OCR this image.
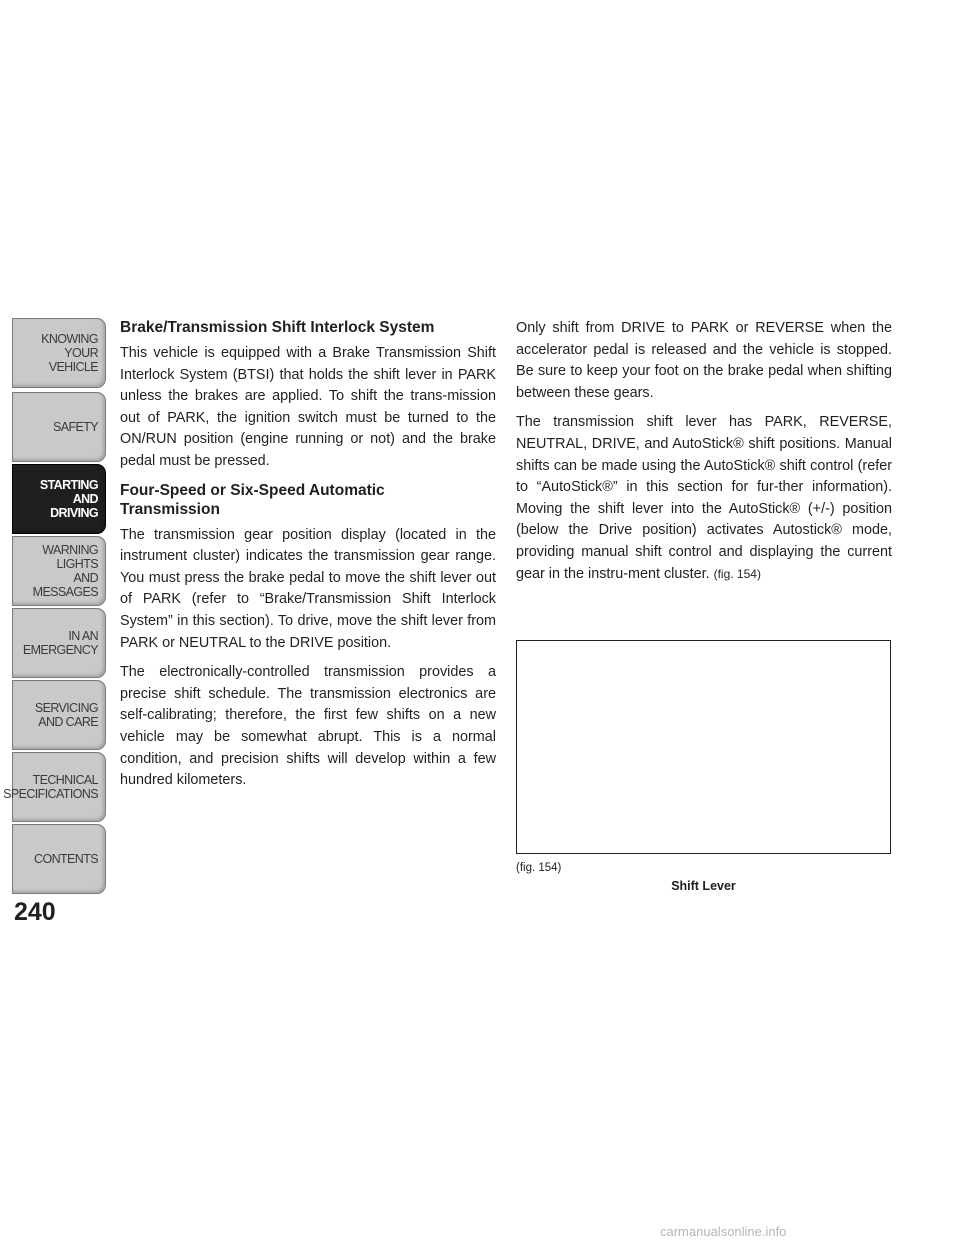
KNOWING
YOUR
VEHICLE
SAFETY
STARTING
AND
DRIVING
WARNING
LIGHTS
AND
MESSAGES
IN AN
EMERGENCY
SERVICING
AND CARE
TECHNICAL
SPECIFICATIONS
CONTENTS
240
Brake/Transmission Shift Interlock System

This vehicle is equipped with a Brake Transmission Shift Interlock System (BTSI) that holds the shift lever in PARK unless the brakes are applied. To shift the trans-mission out of PARK, the ignition switch must be turned to the ON/RUN position (engine running or not) and the brake pedal must be pressed.

Four-Speed or Six-Speed Automatic Transmission

The transmission gear position display (located in the instrument cluster) indicates the transmission gear range. You must press the brake pedal to move the shift lever out of PARK (refer to “Brake/Transmission Shift Interlock System” in this section). To drive, move the shift lever from PARK or NEUTRAL to the DRIVE position.

The electronically-controlled transmission provides a precise shift schedule. The transmission electronics are self-calibrating; therefore, the first few shifts on a new vehicle may be somewhat abrupt. This is a normal condition, and precision shifts will develop within a few hundred kilometers.

Only shift from DRIVE to PARK or REVERSE when the accelerator pedal is released and the vehicle is stopped. Be sure to keep your foot on the brake pedal when shifting between these gears.

The transmission shift lever has PARK, REVERSE, NEUTRAL, DRIVE, and AutoStick® shift positions. Manual shifts can be made using the AutoStick® shift control (refer to “AutoStick®” in this section for fur-ther information). Moving the shift lever into the AutoStick® (+/-) position (below the Drive position) activates Autostick® mode, providing manual shift control and displaying the current gear in the instru-ment cluster. (fig. 154)

(fig. 154)
Shift Lever
carmanualsonline.info
